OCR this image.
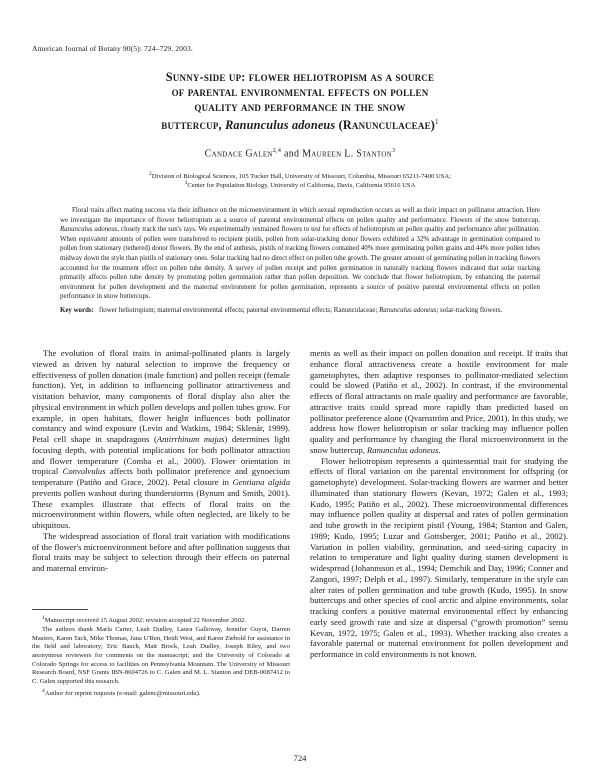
American Journal of Botany 90(5): 724–729. 2003.
Sunny-side up: flower heliotropism as a source
of parental environmental effects on pollen
quality and performance in the snow
buttercup, Ranunculus adoneus (Ranunculaceae)$^1$
Candace Galen$^{2,4}$ and Maureen L. Stanton$^3$
$^2$Division of Biological Sciences, 105 Tucker Hall, University of Missouri, Columbia, Missouri 65211-7400 USA;
$^3$Center for Population Biology, University of California, Davis, California 95616 USA
Floral traits affect mating success via their influence on the microenvironment in which sexual reproduction occurs as well as their impact on pollinator attraction. Here we investigate the importance of flower heliotropism as a source of parental environmental effects on pollen quality and performance. Flowers of the snow buttercup, Ranunculus adoneus, closely track the sun's rays. We experimentally restrained flowers to test for effects of heliotropism on pollen quality and performance after pollination. When equivalent amounts of pollen were transferred to recipient pistils, pollen from solar-tracking donor flowers exhibited a 32% advantage in germination compared to pollen from stationary (tethered) donor flowers. By the end of anthesis, pistils of tracking flowers contained 40% more germinating pollen grains and 44% more pollen tubes midway down the style than pistils of stationary ones. Solar tracking had no direct effect on pollen tube growth. The greater amount of germinating pollen in tracking flowers accounted for the treatment effect on pollen tube density. A survey of pollen receipt and pollen germination in naturally tracking flowers indicated that solar tracking primarily affects pollen tube density by promoting pollen germination rather than pollen deposition. We conclude that flower heliotropism, by enhancing the paternal environment for pollen development and the maternal environment for pollen germination, represents a source of positive parental environmental effects on pollen performance in snow buttercups.
Key words: flower heliotropism; maternal environmental effects; paternal environmental effects; Ranunculaceae; Ranunculus adoneus; solar-tracking flowers.

The evolution of floral traits in animal-pollinated plants is largely viewed as driven by natural selection to improve the frequency or effectiveness of pollen donation (male function) and pollen receipt (female function). Yet, in addition to influencing pollinator attractiveness and visitation behavior, many components of floral display also alter the physical environment in which pollen develops and pollen tubes grow. For example, in open habitats, flower height influences both pollinator constancy and wind exposure (Levin and Watkins, 1984; Sklenár, 1999). Petal cell shape in snapdragons (Antirrhinum majus) determines light focusing depth, with potential implications for both pollinator attraction and flower temperature (Comba et al., 2000). Flower orientation in tropical Convolvulus affects both pollinator preference and gynoecium temperature (Patiño and Grace, 2002). Petal closure in Gentiana algida prevents pollen washout during thunderstorms (Bynum and Smith, 2001). These examples illustrate that effects of floral traits on the microenvironment within flowers, while often neglected, are likely to be ubiquitous.

The widespread association of floral trait variation with modifications of the flower's microenvironment before and after pollination suggests that floral traits may be subject to selection through their effects on paternal and maternal environ-

$^1$Manuscript received 15 August 2002; revision accepted 22 November 2002.

The authors thank Marla Carter, Leah Dudley, Laura Galloway, Jennifer Guyot, Darren Masters, Karen Tack, Mike Thomas, Jana U'Ren, Heidi West, and Karen Ziebold for assistance in the field and laboratory; Eric Bauch, Matt Brock, Leah Dudley, Joseph Riley, and two anonymous reviewers for comments on the manuscript; and the University of Colorado at Colorado Springs for access to facilities on Pennsylvania Mountain. The University of Missouri Research Board, NSF Grants IBN-8604726 to C. Galen and M. L. Stanton and DEB-0087412 to C. Galen supported this research.

$^4$Author for reprint requests (e-mail: galenc@missouri.edu).

ments as well as their impact on pollen donation and receipt. If traits that enhance floral attractiveness create a hostile environment for male gametophytes, then adaptive responses to pollinator-mediated selection could be slowed (Patiño et al., 2002). In contrast, if the environmental effects of floral attractants on male quality and performance are favorable, attractive traits could spread more rapidly than predicted based on pollinator preference alone (Qvarnström and Price, 2001). In this study, we address how flower heliotropism or solar tracking may influence pollen quality and performance by changing the floral microenvironment in the snow buttercup, Ranunculus adoneus.

Flower heliotropism represents a quintessential trait for studying the effects of floral variation on the parental environment for offspring (or gametophyte) development. Solar-tracking flowers are warmer and better illuminated than stationary flowers (Kevan, 1972; Galen et al., 1993; Kudo, 1995; Patiño et al., 2002). These microenvironmental differences may influence pollen quality at dispersal and rates of pollen germination and tube growth in the recipient pistil (Young, 1984; Stanton and Galen, 1989; Kudo, 1995; Luzar and Gottsberger, 2001; Patiño et al., 2002). Variation in pollen viability, germination, and seed-siring capacity in relation to temperature and light quality during stamen development is widespread (Johannsson et al., 1994; Demchik and Day, 1996; Conner and Zangori, 1997; Delph et al., 1997). Similarly, temperature in the style can alter rates of pollen germination and tube growth (Kudo, 1995). In snow buttercups and other species of cool arctic and alpine environments, solar tracking confers a positive maternal environmental effect by enhancing early seed growth rate and size at dispersal (“growth promotion” sensu Kevan, 1972, 1975; Galen et al., 1993). Whether tracking also creates a favorable paternal or maternal environment for pollen development and performance in cold environments is not known.

724
